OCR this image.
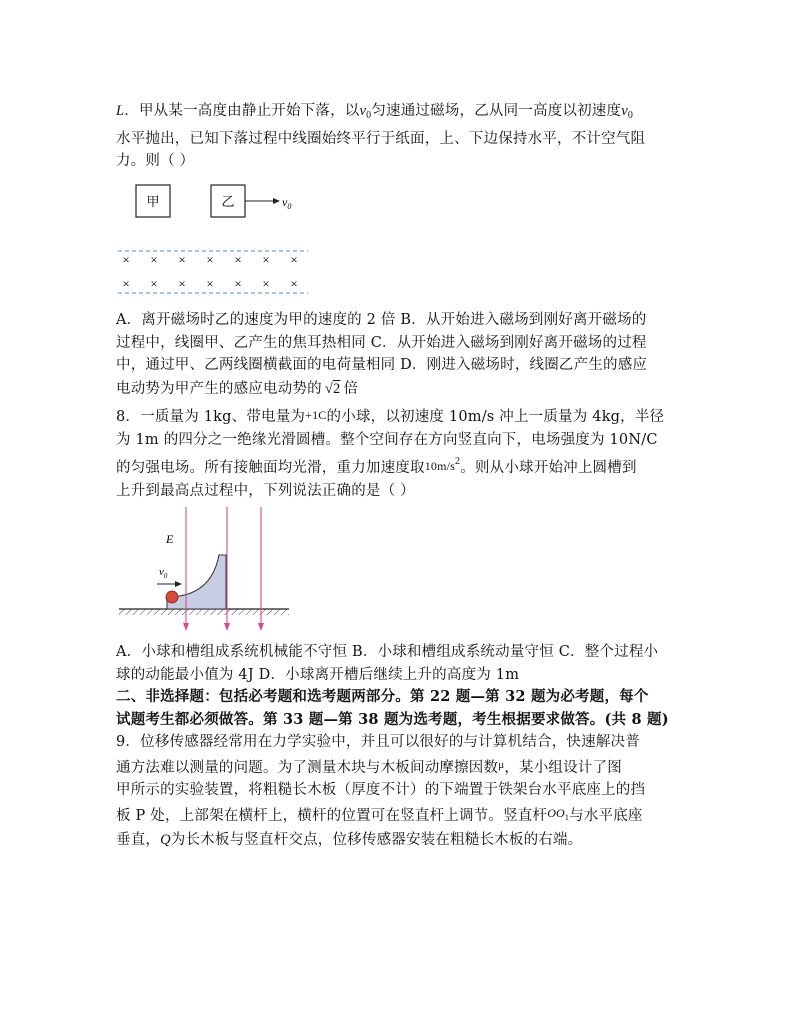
L．甲从某一高度由静止开始下落，以$v_0$匀速通过磁场，乙从同一高度以初速度$v_0$
水平抛出，已知下落过程中线圈始终平行于纸面，上、下边保持水平，不计空气阻
力。则（ ）
甲	乙	$v_0$
× × × × × × ×
× × × × × × ×
A．离开磁场时乙的速度为甲的速度的 2 倍 B．从开始进入磁场到刚好离开磁场的
过程中，线圈甲、乙产生的焦耳热相同 C．从开始进入磁场到刚好离开磁场的过程
中，通过甲、乙两线圈横截面的电荷量相同 D．刚进入磁场时，线圈乙产生的感应
电动势为甲产生的感应电动势的 √2 倍
8．一质量为 1kg、带电量为+1C的小球，以初速度 10m/s 冲上一质量为 4kg，半径
为 1m 的四分之一绝缘光滑圆槽。整个空间存在方向竖直向下，电场强度为 10N/C
的匀强电场。所有接触面均光滑，重力加速度取$10m/s^2$。则从小球开始冲上圆槽到
上升到最高点过程中，下列说法正确的是（ ）
E
$v_0$
A．小球和槽组成系统机械能不守恒 B．小球和槽组成系统动量守恒 C．整个过程小
球的动能最小值为 4J D．小球离开槽后继续上升的高度为 1m
二、非选择题：包括必考题和选考题两部分。第 22 题—第 32 题为必考题，每个
试题考生都必须做答。第 33 题—第 38 题为选考题，考生根据要求做答。(共 8 题)
9．位移传感器经常用在力学实验中，并且可以很好的与计算机结合，快速解决普
通方法难以测量的问题。为了测量木块与木板间动摩擦因数$^\mu$，某小组设计了图
甲所示的实验装置，将粗糙长木板（厚度不计）的下端置于铁架台水平底座上的挡
板 P 处，上部架在横杆上，横杆的位置可在竖直杆上调节。竖直杆$^{OO_1}$与水平底座
垂直，Q为长木板与竖直杆交点，位移传感器安装在粗糙长木板的右端。
